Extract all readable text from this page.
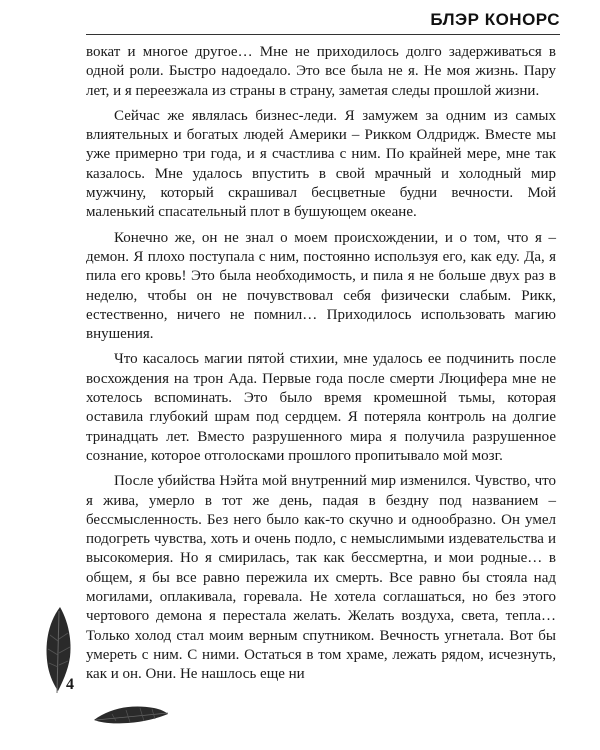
БЛЭР КОНОРС

вокат и многое другое… Мне не приходилось долго задерживаться в одной роли. Быстро надоедало. Это все была не я. Не моя жизнь. Пару лет, и я переезжала из страны в страну, заметая следы прошлой жизни.

Сейчас же являлась бизнес-леди. Я замужем за одним из самых влиятельных и богатых людей Америки – Рикком Олдридж. Вместе мы уже примерно три года, и я счастлива с ним. По крайней мере, мне так казалось. Мне удалось впустить в свой мрачный и холодный мир мужчину, который скрашивал бесцветные будни вечности. Мой маленький спасательный плот в бушующем океане.

Конечно же, он не знал о моем происхождении, и о том, что я – демон. Я плохо поступала с ним, постоянно используя его, как еду. Да, я пила его кровь! Это была необходимость, и пила я не больше двух раз в неделю, чтобы он не почувствовал себя физически слабым. Рикк, естественно, ничего не помнил… Приходилось использовать магию внушения.

Что касалось магии пятой стихии, мне удалось ее подчинить после восхождения на трон Ада. Первые года после смерти Люцифера мне не хотелось вспоминать. Это было время кромешной тьмы, которая оставила глубокий шрам под сердцем. Я потеряла контроль на долгие тринадцать лет. Вместо разрушенного мира я получила разрушенное сознание, которое отголосками прошлого пропитывало мой мозг.

После убийства Нэйта мой внутренний мир изменился. Чувство, что я жива, умерло в тот же день, падая в бездну под названием – бессмысленность. Без него было как-то скучно и однообразно. Он умел подогреть чувства, хоть и очень подло, с немыслимыми издевательства и высокомерия. Но я смирилась, так как бессмертна, и мои родные… в общем, я бы все равно пережила их смерть. Все равно бы стояла над могилами, оплакивала, горевала. Не хотела соглашаться, но без этого чертового демона я перестала желать. Желать воздуха, света, тепла… Только холод стал моим верным спутником. Вечность угнетала. Вот бы умереть с ним. С ними. Остаться в том храме, лежать рядом, исчезнуть, как и он. Они. Не нашлось еще ни

4
